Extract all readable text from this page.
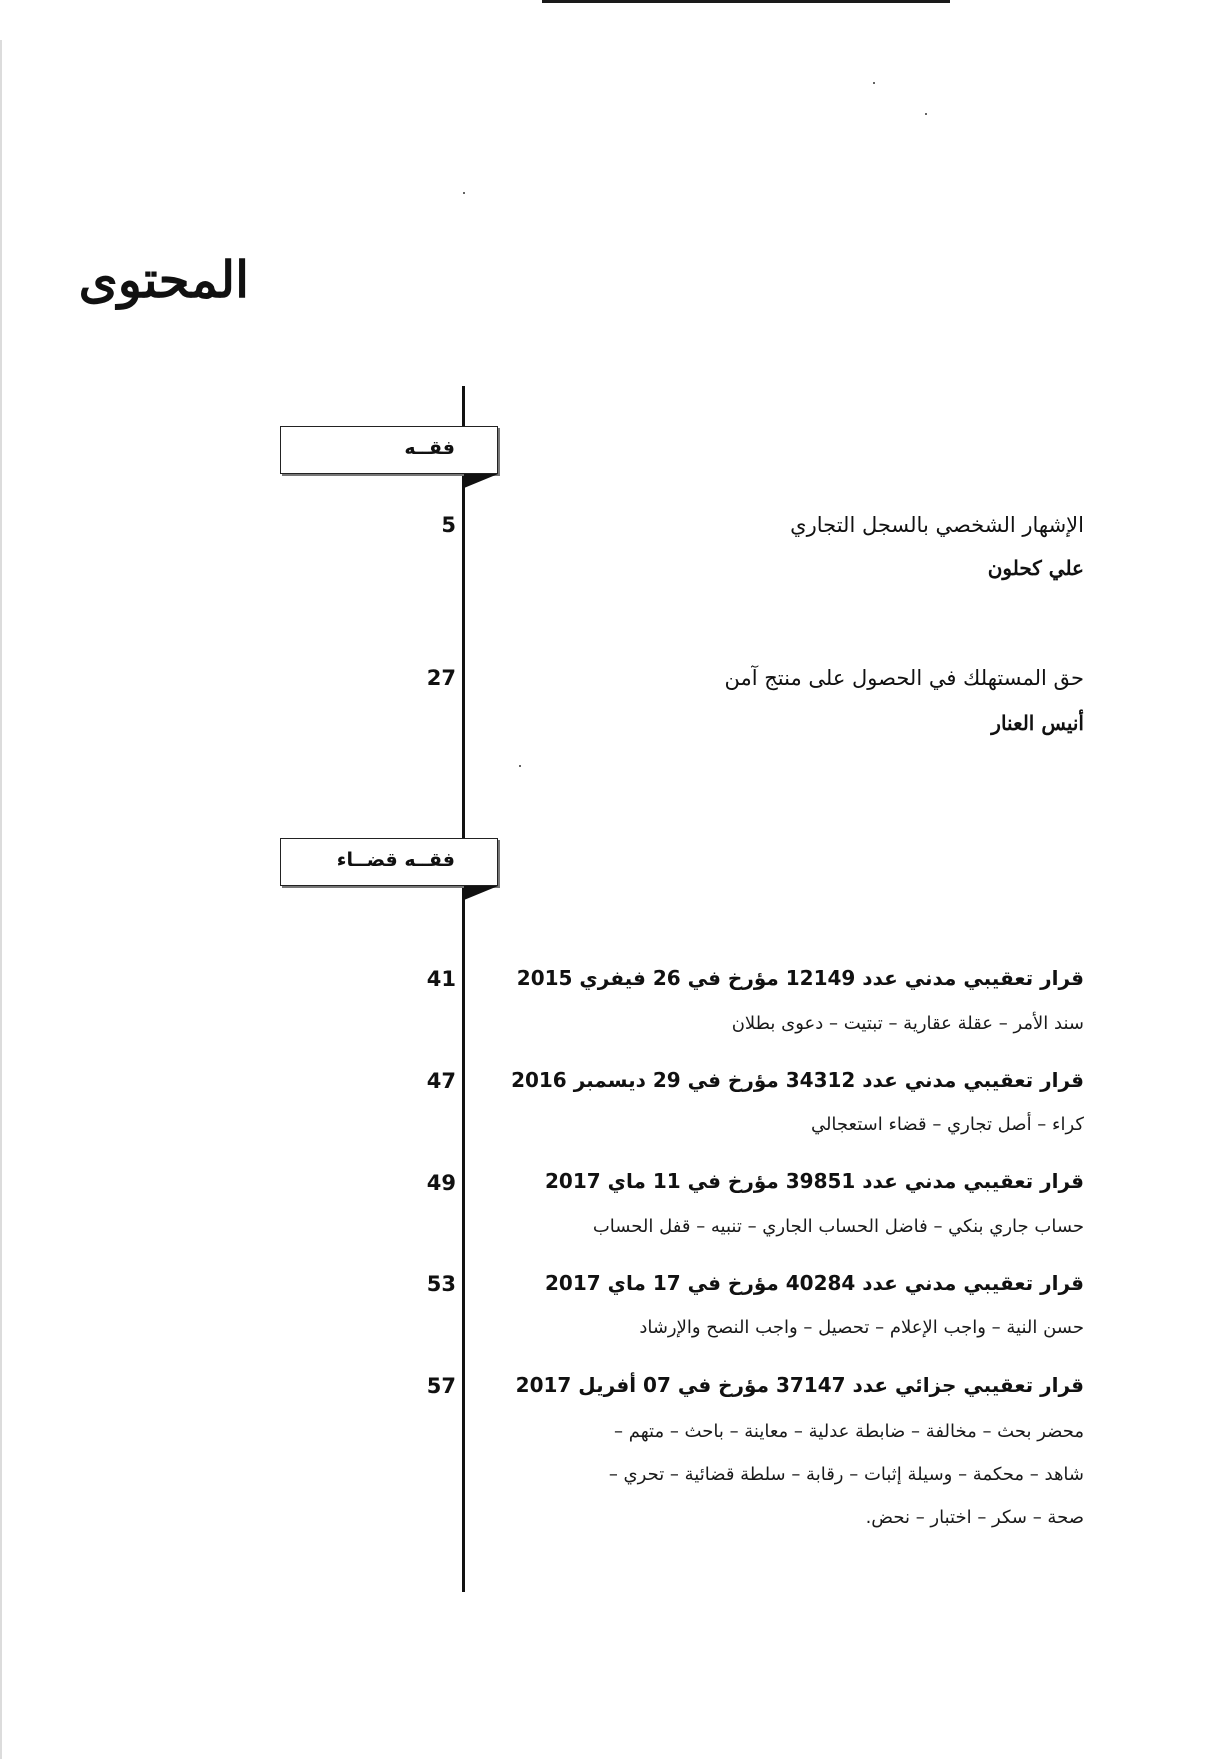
المحتوى
فقــه
الإشهار الشخصي بالسجل التجاري
علي كحلون
5
حق المستهلك في الحصول على منتج آمن
أنيس العنار
27
فقــه قضــاء
قرار تعقيبي مدني عدد 12149 مؤرخ في 26 فيفري 2015
سند الأمر – عقلة عقارية – تبتيت – دعوى بطلان
41
قرار تعقيبي مدني عدد 34312 مؤرخ في 29 ديسمبر 2016
كراء – أصل تجاري – قضاء استعجالي
47
قرار تعقيبي مدني عدد 39851 مؤرخ في 11 ماي 2017
حساب جاري بنكي – فاضل الحساب الجاري – تنبيه – قفل الحساب
49
قرار تعقيبي مدني عدد 40284 مؤرخ في 17 ماي 2017
حسن النية – واجب الإعلام – تحصيل – واجب النصح والإرشاد
53
قرار تعقيبي جزائي عدد 37147 مؤرخ في 07 أفريل 2017
محضر بحث – مخالفة – ضابطة عدلية – معاينة – باحث – متهم –
شاهد – محكمة – وسيلة إثبات – رقابة – سلطة قضائية – تحري –
صحة – سكر – اختبار – نحض.
57
